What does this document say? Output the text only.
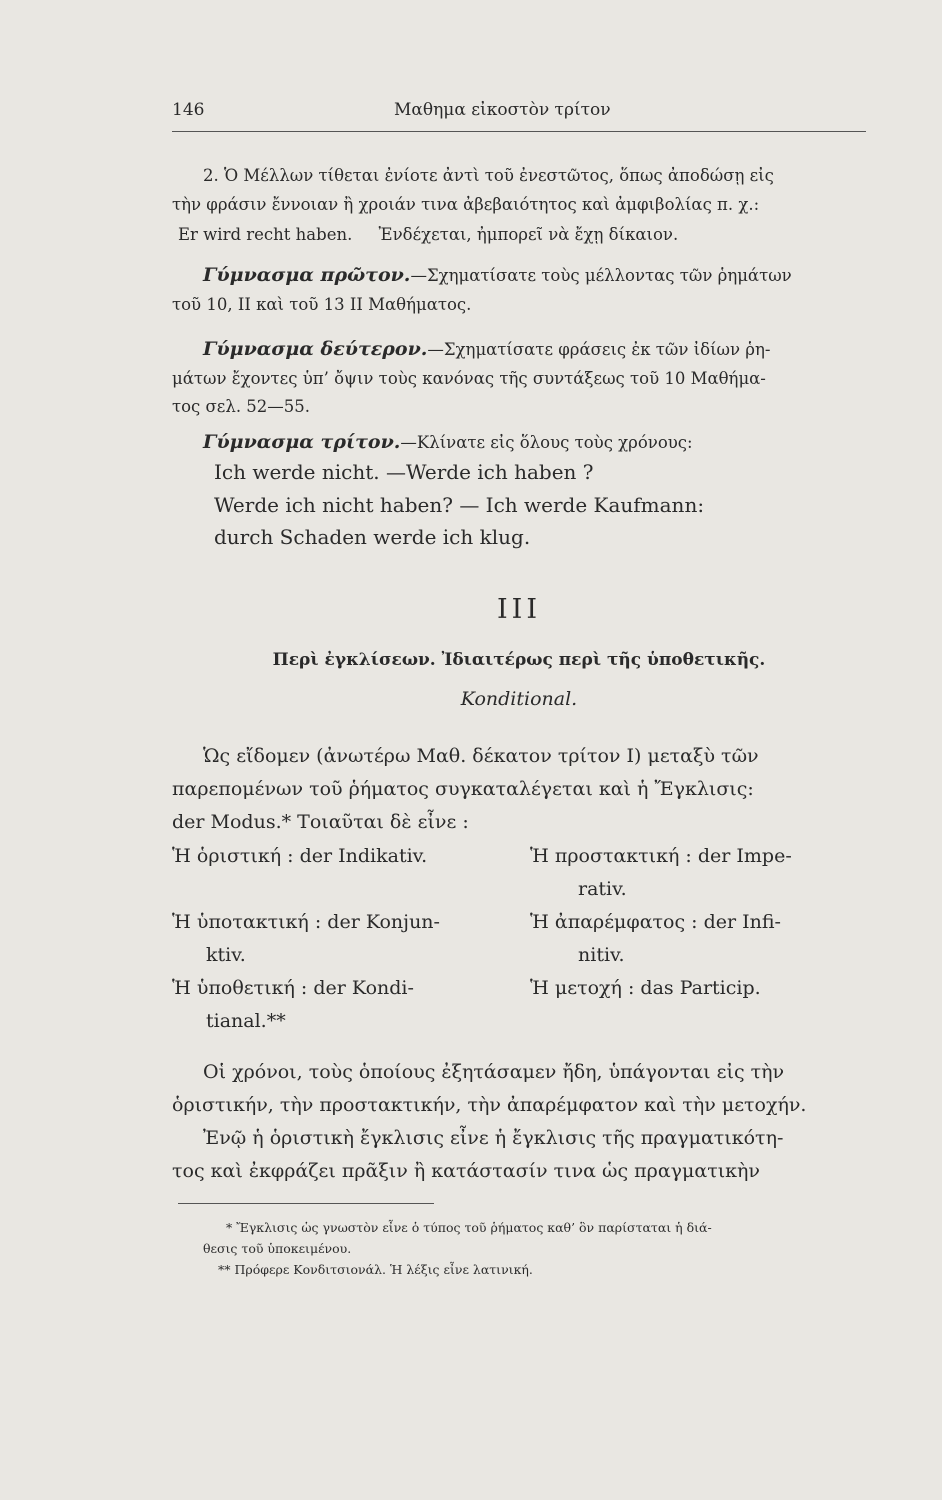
146	Μαθημα εἰκοστὸν τρίτον
2. Ὁ Μέλλων τίθεται ἐνίοτε ἀντὶ τοῦ ἐνεστῶτος, ὅπως ἀποδώσῃ εἰς
τὴν φράσιν ἔννοιαν ἢ χροιάν τινα ἀβεβαιότητος καὶ ἀμφιβολίας π. χ.:
Er wird recht haben.     Ἐνδέχεται, ἠμπορεῖ νὰ ἔχῃ δίκαιον.
Γύμνασμα πρῶτον.—Σχηματίσατε τοὺς μέλλοντας τῶν ῥημάτων
τοῦ 10, ΙΙ καὶ τοῦ 13 ΙΙ Μαθήματος.
Γύμνασμα δεύτερον.—Σχηματίσατε φράσεις ἐκ τῶν ἰδίων ῥη-
μάτων ἔχοντες ὑπ’ ὄψιν τοὺς κανόνας τῆς συντάξεως τοῦ 10 Μαθήμα-
τος σελ. 52—55.
Γύμνασμα τρίτον.—Κλίνατε εἰς ὅλους τοὺς χρόνους:
Ich werde nicht. —Werde ich haben ?
Werde ich nicht haben? — Ich werde Kaufmann:
durch Schaden werde ich klug.
III
Περὶ ἐγκλίσεων. Ἰδιαιτέρως περὶ τῆς ὑποθετικῆς.
Konditional.
Ὡς εἴδομεν (ἀνωτέρω Μαθ. δέκατον τρίτον Ι) μεταξὺ τῶν
παρεπομένων τοῦ ῥήματος συγκαταλέγεται καὶ ἡ Ἔγκλισις:
der Modus.* Τοιαῦται δὲ εἶνε :
Ἡ ὁριστική : der Indikativ.	Ἡ προστακτική : der Impe-
rativ.
Ἡ ὑποτακτική : der Konjun-
ktiv.
Ἡ ἀπαρέμφατος : der Infi-
nitiv.
Ἡ ὑποθετική : der Kondi-
tianal.**
Ἡ μετοχή : das Particip.
Οἱ χρόνοι, τοὺς ὁποίους ἐξητάσαμεν ἤδη, ὑπάγονται εἰς τὴν
ὁριστικήν, τὴν προστακτικήν, τὴν ἀπαρέμφατον καὶ τὴν μετοχήν.
Ἐνῷ ἡ ὁριστικὴ ἔγκλισις εἶνε ἡ ἔγκλισις τῆς πραγματικότη-
τος καὶ ἐκφράζει πρᾶξιν ἢ κατάστασίν τινα ὡς πραγματικὴν
* Ἔγκλισις ὡς γνωστὸν εἶνε ὁ τύπος τοῦ ῥήματος καθ’ ὃν παρίσταται ἡ διά-
θεσις τοῦ ὑποκειμένου.
** Πρόφερε Κονδιτσιονάλ. Ἡ λέξις εἶνε λατινική.
